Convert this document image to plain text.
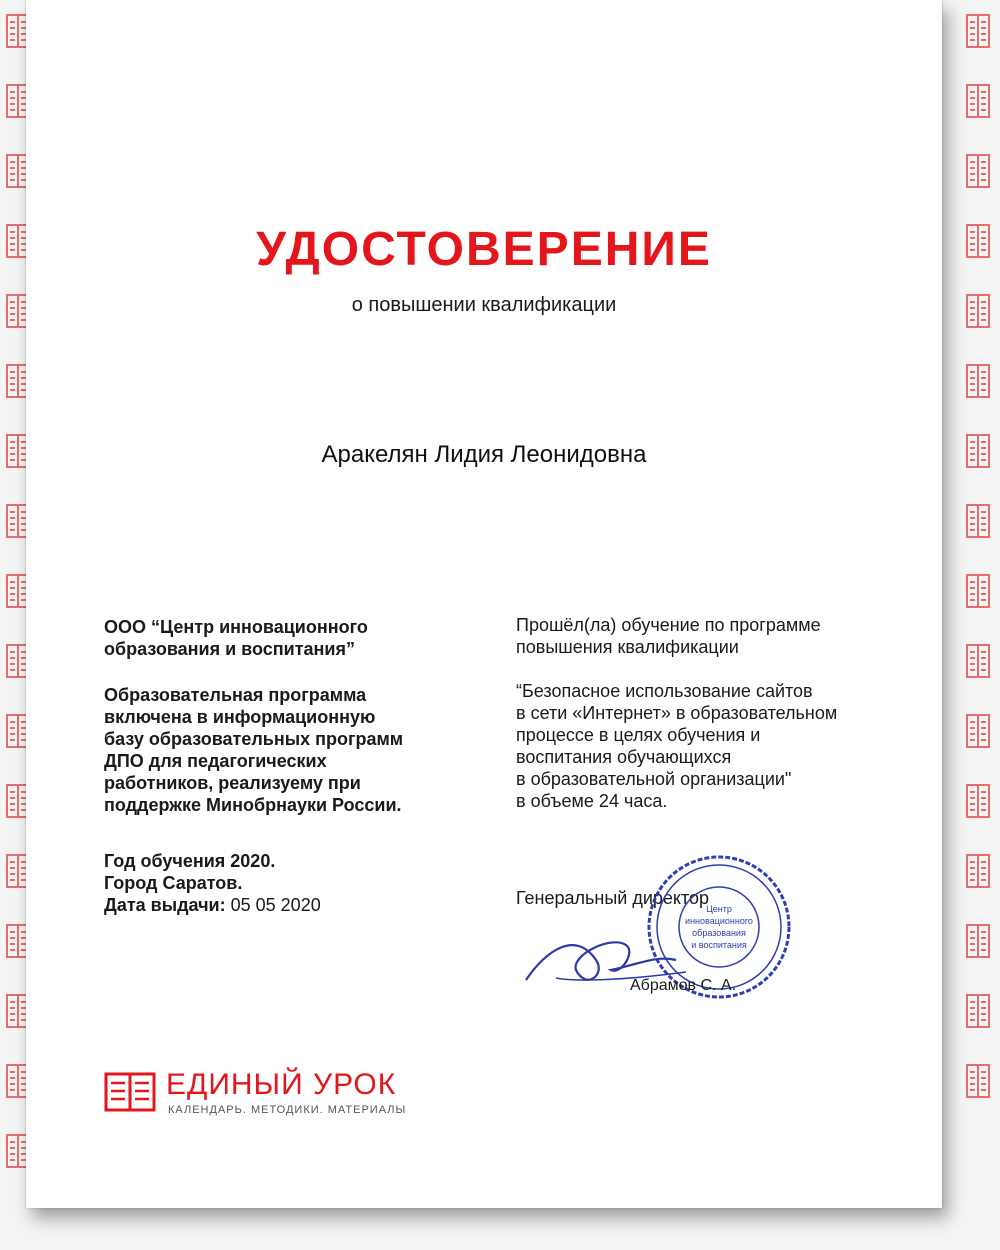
УДОСТОВЕРЕНИЕ
о повышении квалификации
Аракелян Лидия Леонидовна

ООО “Центр инновационного
образования и воспитания”

Образовательная программа
включена в информационную
базу образовательных программ
ДПО для педагогических
работников, реализуему при
поддержке Минобрнауки России.

Год обучения 2020.

Город Саратов.

Дата выдачи: 05 05 2020

Прошёл(ла) обучение по программе
повышения квалификации

“Безопасное использование сайтов
в сети «Интернет» в образовательном
процессе в целях обучения и
воспитания обучающихся
в образовательной организации"
в объеме 24 часа.

Генеральный директор
Центр
инновационного
образования
и воспитания
Абрамов С. А.
ЕДИНЫЙ УРОК
КАЛЕНДАРЬ. МЕТОДИКИ. МАТЕРИАЛЫ
